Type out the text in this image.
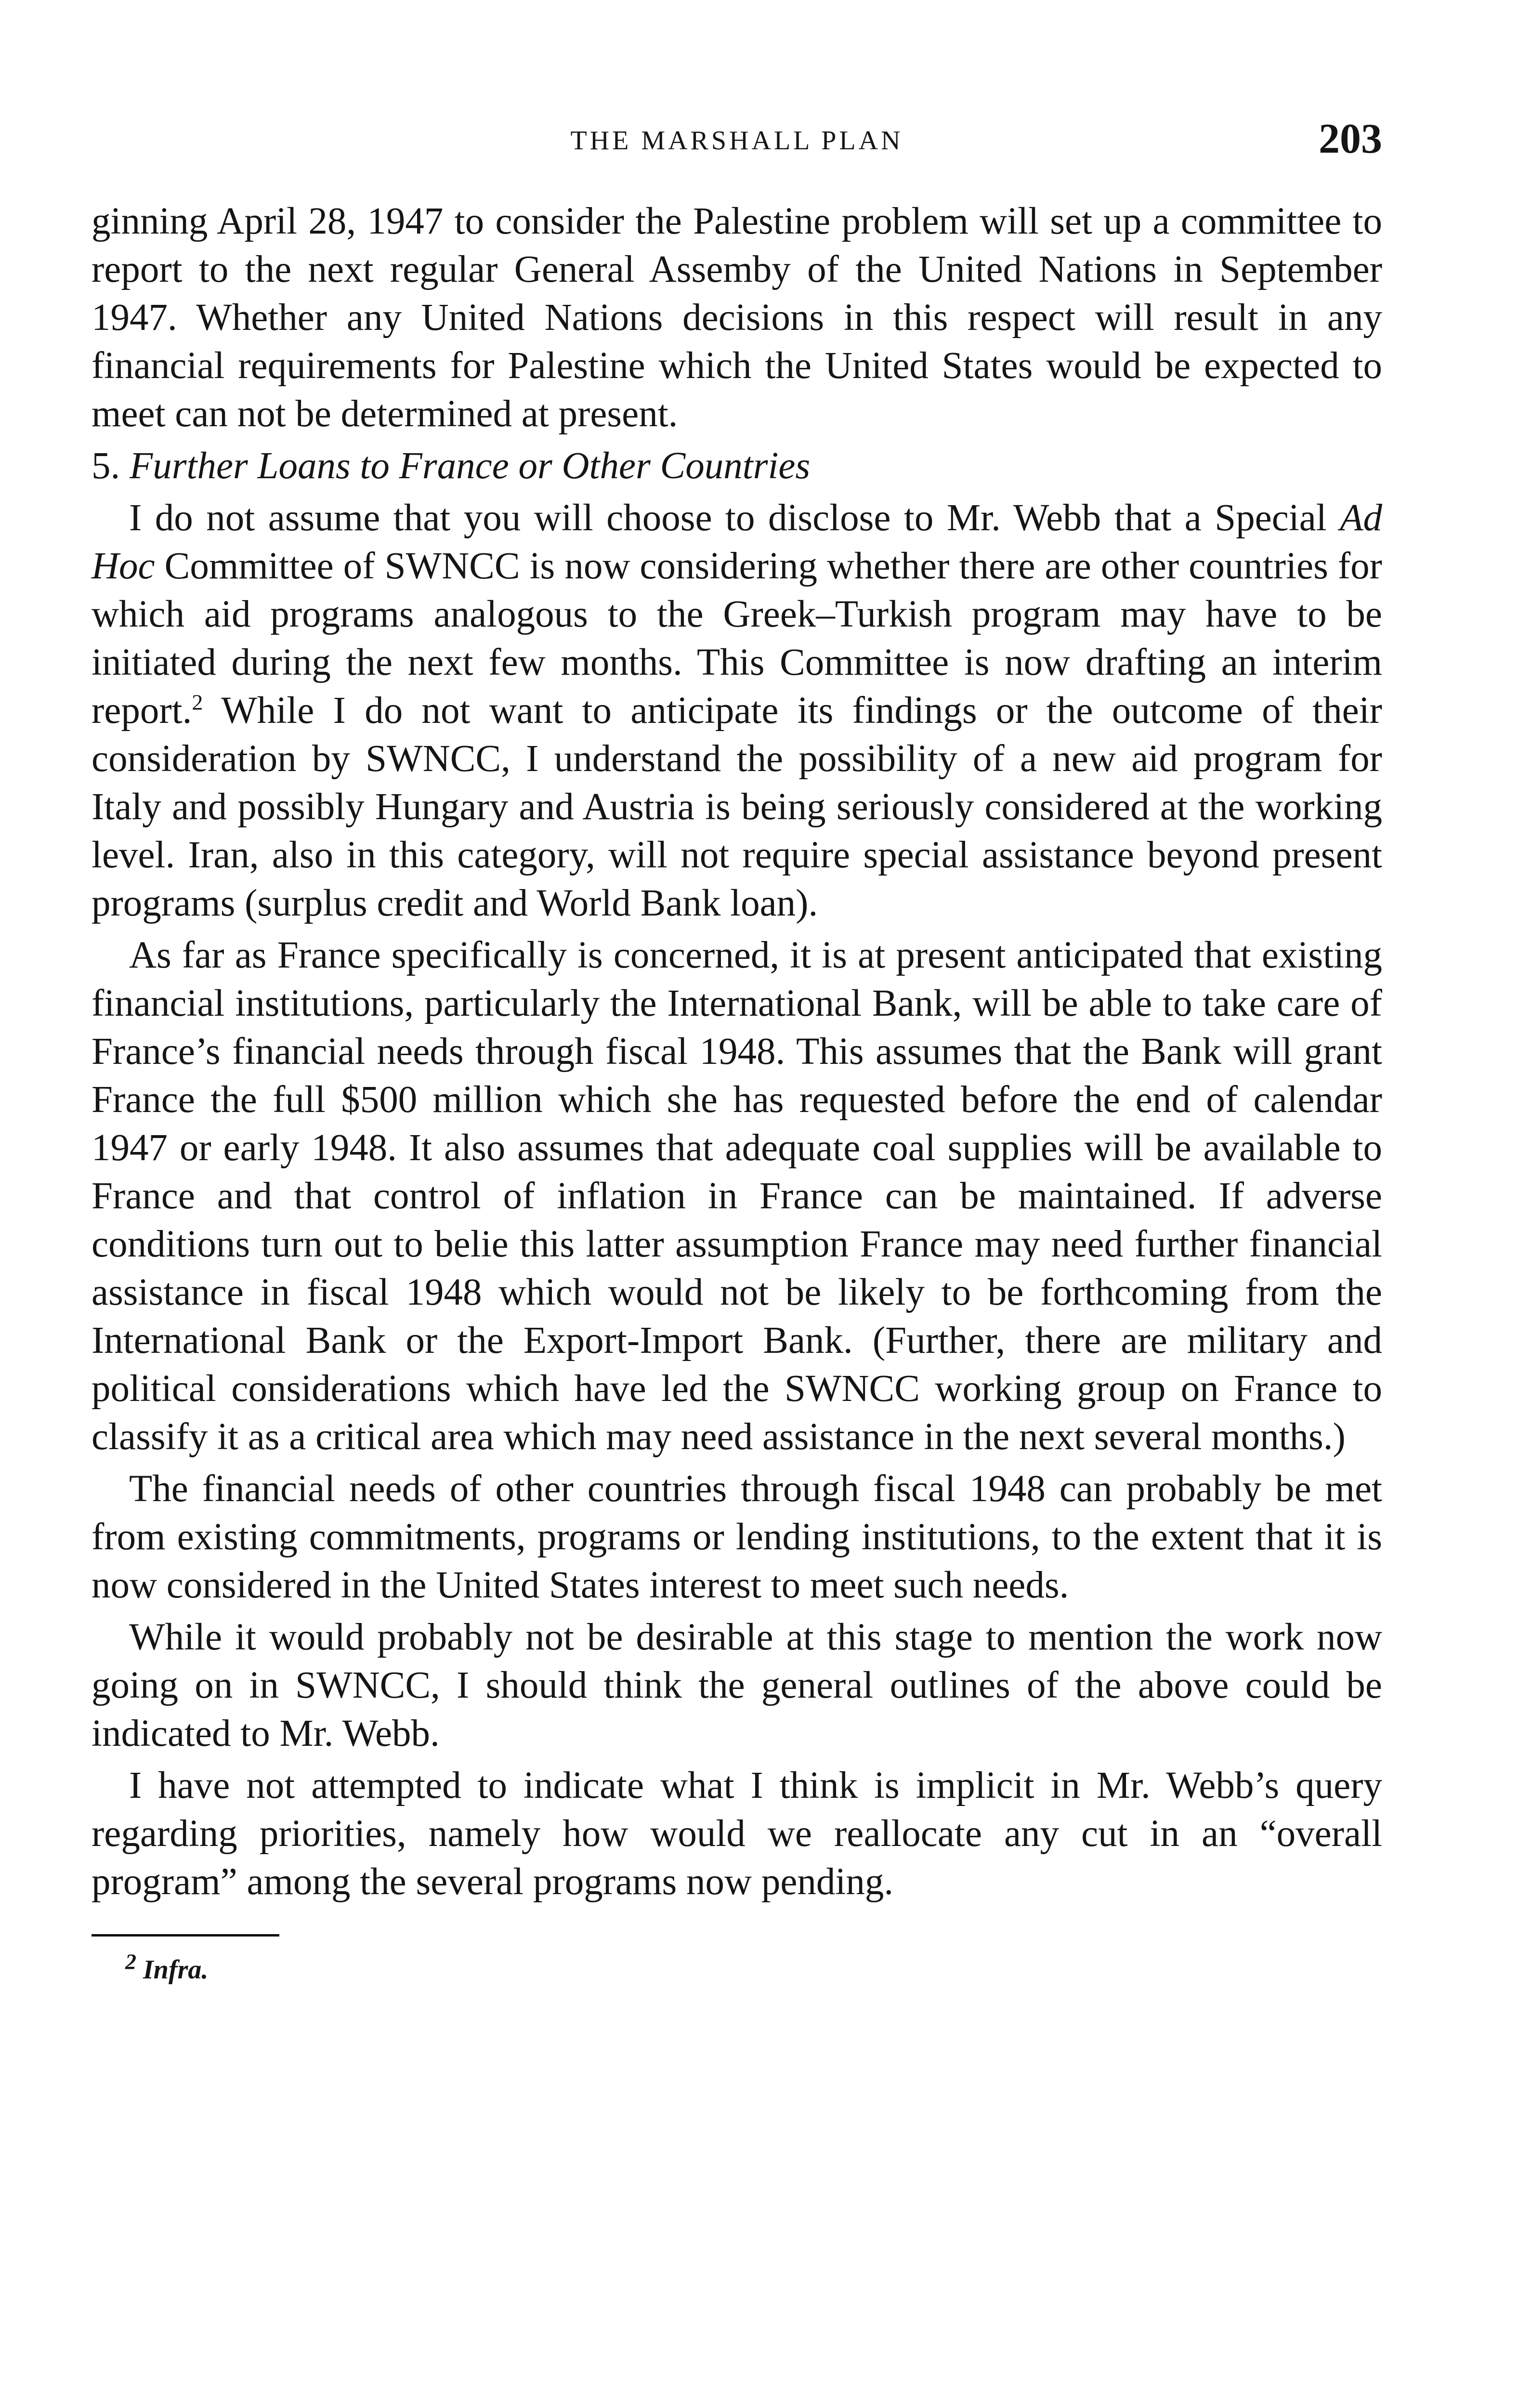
THE MARSHALL PLAN	203

ginning April 28, 1947 to consider the Palestine problem will set up a committee to report to the next regular General Assemby of the United Nations in September 1947. Whether any United Nations decisions in this respect will result in any financial requirements for Palestine which the United States would be expected to meet can not be determined at present.

5. Further Loans to France or Other Countries

I do not assume that you will choose to disclose to Mr. Webb that a Special Ad Hoc Committee of SWNCC is now considering whether there are other countries for which aid programs analogous to the Greek–Turkish program may have to be initiated during the next few months. This Committee is now drafting an interim report.$^2$ While I do not want to anticipate its findings or the outcome of their consideration by SWNCC, I understand the possibility of a new aid program for Italy and possibly Hungary and Austria is being seriously considered at the working level. Iran, also in this category, will not require special assistance beyond present programs (surplus credit and World Bank loan).

As far as France specifically is concerned, it is at present anticipated that existing financial institutions, particularly the International Bank, will be able to take care of France’s financial needs through fiscal 1948. This assumes that the Bank will grant France the full $500 million which she has requested before the end of calendar 1947 or early 1948. It also assumes that adequate coal supplies will be available to France and that control of inflation in France can be maintained. If adverse conditions turn out to belie this latter assumption France may need further financial assistance in fiscal 1948 which would not be likely to be forthcoming from the International Bank or the Export-Import Bank. (Further, there are military and political considerations which have led the SWNCC working group on France to classify it as a critical area which may need assistance in the next several months.)

The financial needs of other countries through fiscal 1948 can probably be met from existing commitments, programs or lending institutions, to the extent that it is now considered in the United States interest to meet such needs.

While it would probably not be desirable at this stage to mention the work now going on in SWNCC, I should think the general outlines of the above could be indicated to Mr. Webb.

I have not attempted to indicate what I think is implicit in Mr. Webb’s query regarding priorities, namely how would we reallocate any cut in an “overall program” among the several programs now pending.

$^2$ Infra.
